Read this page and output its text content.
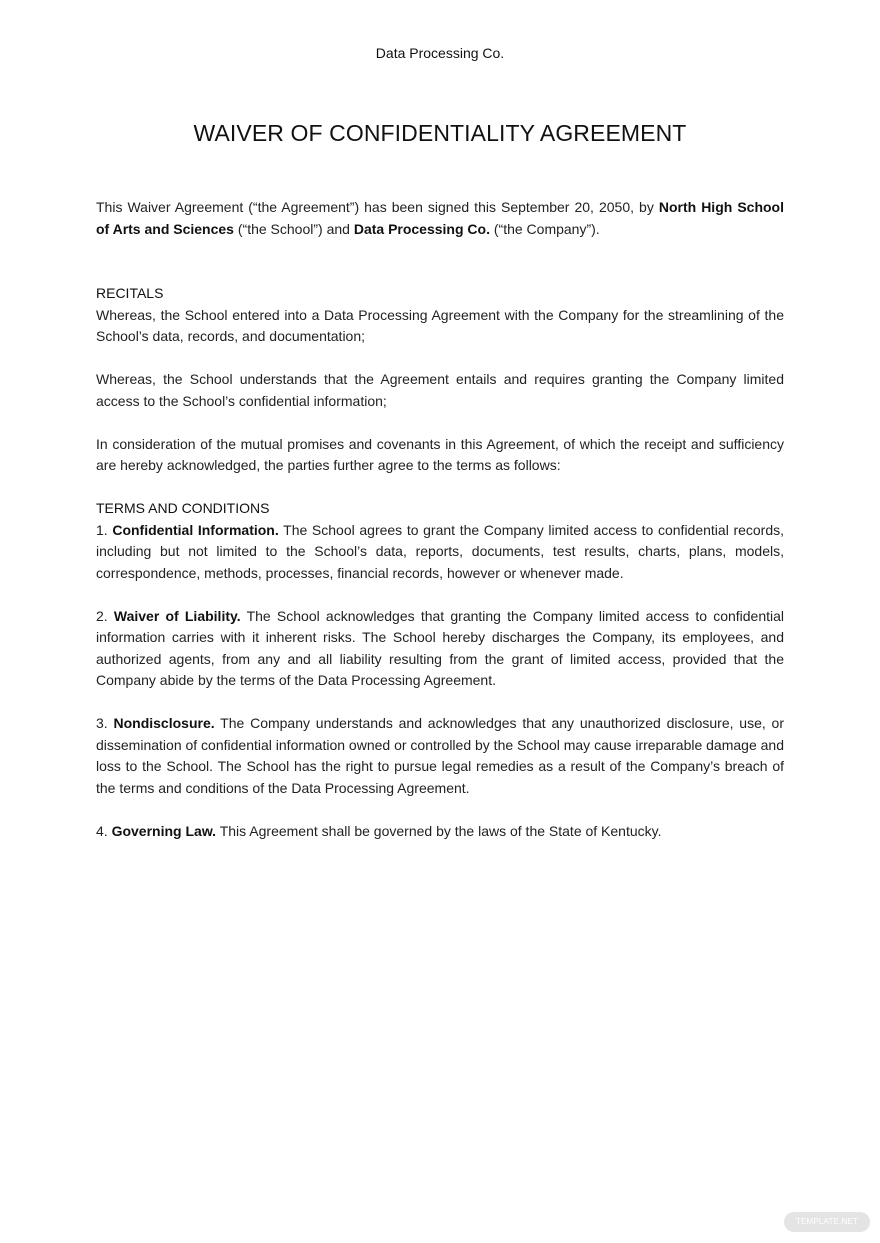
Data Processing Co.
WAIVER OF CONFIDENTIALITY AGREEMENT

This Waiver Agreement (“the Agreement”) has been signed this September 20, 2050, by North High School of Arts and Sciences (“the School”) and Data Processing Co. (“the Company”).

RECITALS

Whereas, the School entered into a Data Processing Agreement with the Company for the streamlining of the School’s data, records, and documentation;

Whereas, the School understands that the Agreement entails and requires granting the Company limited access to the School’s confidential information;

In consideration of the mutual promises and covenants in this Agreement, of which the receipt and sufficiency are hereby acknowledged, the parties further agree to the terms as follows:

TERMS AND CONDITIONS

1. Confidential Information. The School agrees to grant the Company limited access to confidential records, including but not limited to the School’s data, reports, documents, test results, charts, plans, models, correspondence, methods, processes, financial records, however or whenever made.

2. Waiver of Liability. The School acknowledges that granting the Company limited access to confidential information carries with it inherent risks. The School hereby discharges the Company, its employees, and authorized agents, from any and all liability resulting from the grant of limited access, provided that the Company abide by the terms of the Data Processing Agreement.

3. Nondisclosure. The Company understands and acknowledges that any unauthorized disclosure, use, or dissemination of confidential information owned or controlled by the School may cause irreparable damage and loss to the School. The School has the right to pursue legal remedies as a result of the Company’s breach of the terms and conditions of the Data Processing Agreement.

4. Governing Law. This Agreement shall be governed by the laws of the State of Kentucky.

TEMPLATE.NET
